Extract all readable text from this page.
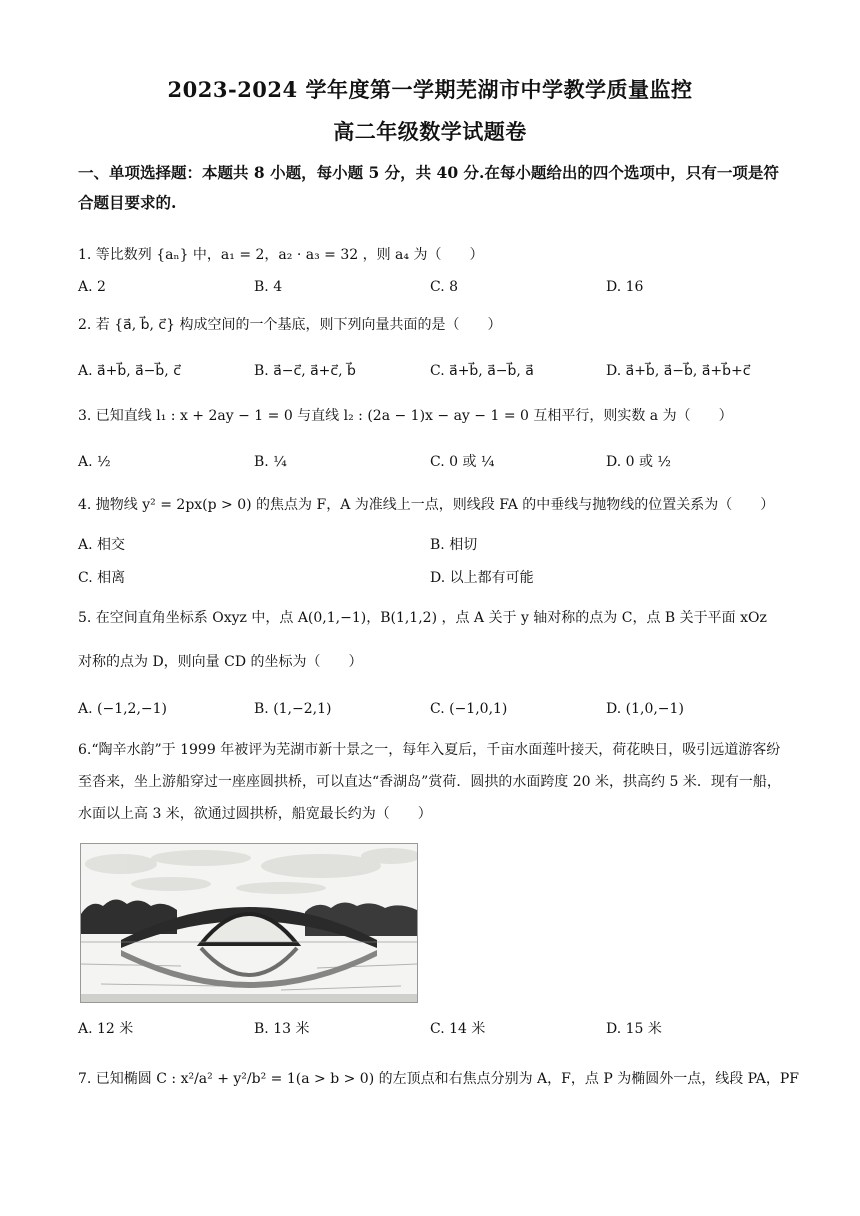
2023-2024 学年度第一学期芜湖市中学教学质量监控
高二年级数学试题卷
一、单项选择题：本题共 8 小题，每小题 5 分，共 40 分.在每小题给出的四个选项中，只有一项是符合题目要求的.
1. 等比数列 {aₙ} 中，a₁ = 2，a₂ · a₃ = 32 ，则 a₄ 为（　　）
A. 2	B. 4	C. 8	D. 16
2. 若 {a⃗, b⃗, c⃗} 构成空间的一个基底，则下列向量共面的是（　　）
A. a⃗+b⃗, a⃗−b⃗, c⃗	B. a⃗−c⃗, a⃗+c⃗, b⃗	C. a⃗+b⃗, a⃗−b⃗, a⃗	D. a⃗+b⃗, a⃗−b⃗, a⃗+b⃗+c⃗
3. 已知直线 l₁ : x + 2ay − 1 = 0 与直线 l₂ : (2a − 1)x − ay − 1 = 0 互相平行，则实数 a 为（　　）
A. ½	B. ¼	C. 0 或 ¼	D. 0 或 ½
4. 抛物线 y² = 2px(p > 0) 的焦点为 F，A 为准线上一点，则线段 FA 的中垂线与抛物线的位置关系为（　　）
A. 相交	B. 相切
C. 相离	D. 以上都有可能
5. 在空间直角坐标系 Oxyz 中，点 A(0,1,−1)，B(1,1,2) ，点 A 关于 y 轴对称的点为 C，点 B 关于平面 xOz
对称的点为 D，则向量 CD 的坐标为（　　）
A. (−1,2,−1)	B. (1,−2,1)	C. (−1,0,1)	D. (1,0,−1)
6.“陶辛水韵”于 1999 年被评为芜湖市新十景之一，每年入夏后，千亩水面莲叶接天，荷花映日，吸引远道游客纷至沓来，坐上游船穿过一座座圆拱桥，可以直达“香湖岛”赏荷．圆拱的水面跨度 20 米，拱高约 5 米．现有一船，水面以上高 3 米，欲通过圆拱桥，船宽最长约为（　　）
A. 12 米	B. 13 米	C. 14 米	D. 15 米
7. 已知椭圆 C : x²/a² + y²/b² = 1(a > b > 0) 的左顶点和右焦点分别为 A，F，点 P 为椭圆外一点，线段 PA，PF
